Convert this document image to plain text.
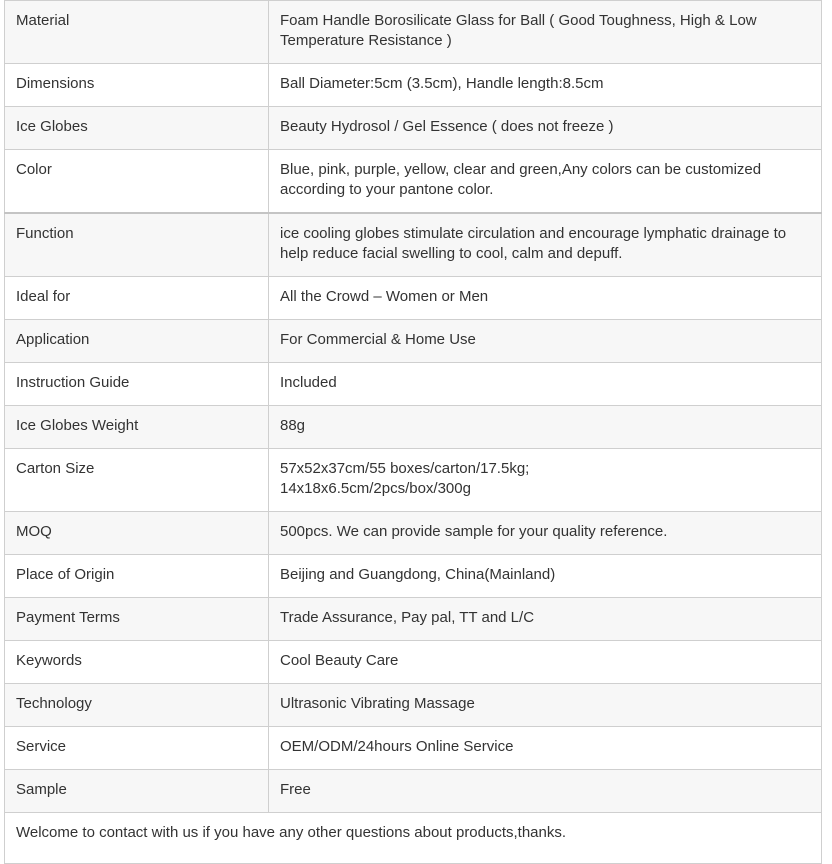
Material	Foam Handle Borosilicate Glass for Ball ( Good Toughness, High & Low Temperature Resistance )
Dimensions	Ball Diameter:5cm (3.5cm), Handle length:8.5cm
Ice Globes	Beauty Hydrosol / Gel Essence ( does not freeze )
Color	Blue, pink, purple, yellow, clear and green,Any colors can be customized according to your pantone color.
Function	ice cooling globes stimulate circulation and encourage lymphatic drainage to help reduce facial swelling to cool, calm and depuff.
Ideal for	All the Crowd – Women or Men
Application	For Commercial & Home Use
Instruction Guide	Included
Ice Globes Weight	88g
Carton Size	57x52x37cm/55 boxes/carton/17.5kg;
14x18x6.5cm/2pcs/box/300g

MOQ	500pcs. We can provide sample for your quality reference.
Place of Origin	Beijing and Guangdong, China(Mainland)
Payment Terms	Trade Assurance, Pay pal, TT and L/C
Keywords	Cool Beauty Care
Technology	Ultrasonic Vibrating Massage
Service	OEM/ODM/24hours Online Service
Sample	Free
Welcome to contact with us if you have any other questions about products,thanks.	
